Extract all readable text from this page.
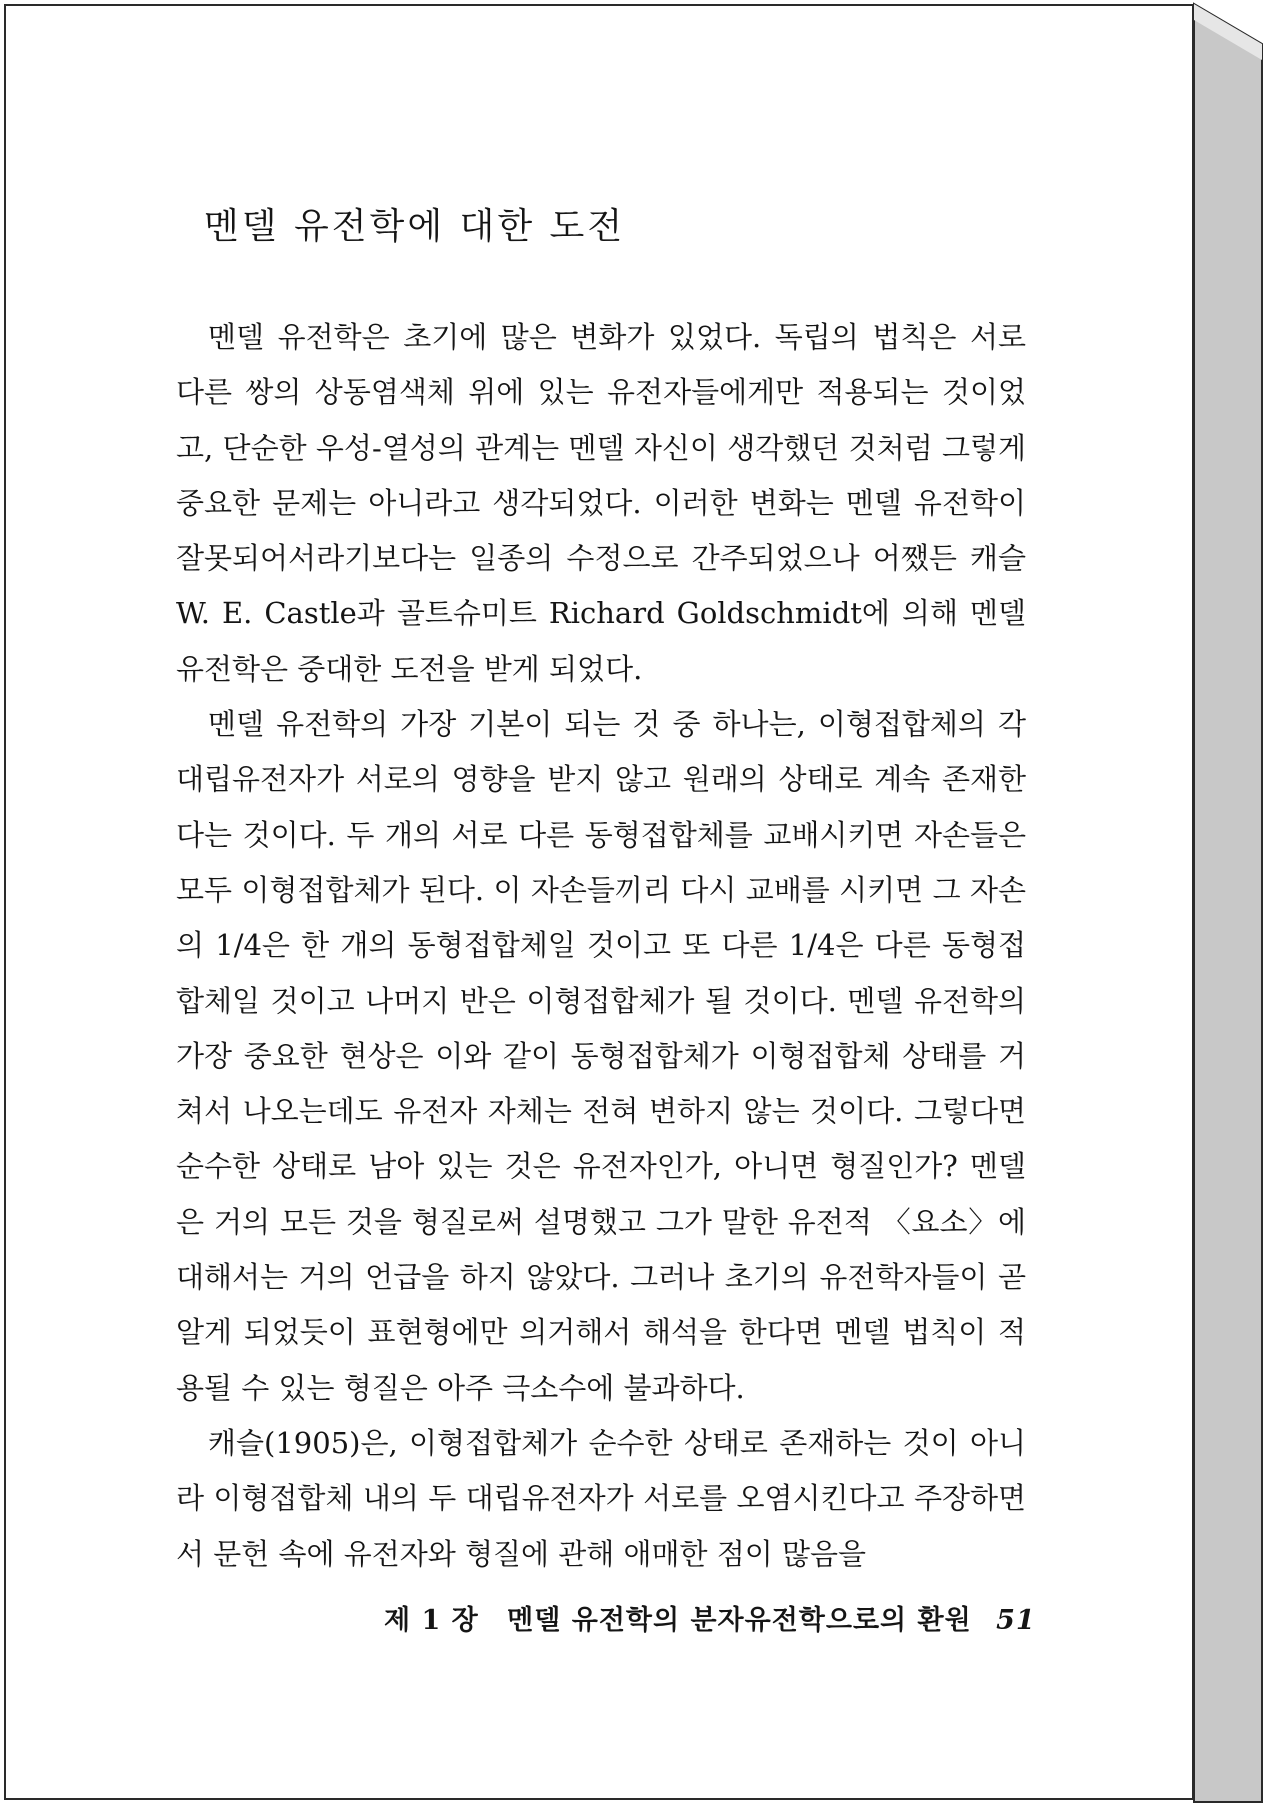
멘델 유전학에 대한 도전

멘델 유전학은 초기에 많은 변화가 있었다. 독립의 법칙은 서로 다른 쌍의 상동염색체 위에 있는 유전자들에게만 적용되는 것이었고, 단순한 우성-열성의 관계는 멘델 자신이 생각했던 것처럼 그렇게 중요한 문제는 아니라고 생각되었다. 이러한 변화는 멘델 유전학이 잘못되어서라기보다는 일종의 수정으로 간주되었으나 어쨌든 캐슬 W. E. Castle과 골트슈미트 Richard Goldschmidt에 의해 멘델 유전학은 중대한 도전을 받게 되었다.

멘델 유전학의 가장 기본이 되는 것 중 하나는, 이형접합체의 각 대립유전자가 서로의 영향을 받지 않고 원래의 상태로 계속 존재한다는 것이다. 두 개의 서로 다른 동형접합체를 교배시키면 자손들은 모두 이형접합체가 된다. 이 자손들끼리 다시 교배를 시키면 그 자손의 1/4은 한 개의 동형접합체일 것이고 또 다른 1/4은 다른 동형접합체일 것이고 나머지 반은 이형접합체가 될 것이다. 멘델 유전학의 가장 중요한 현상은 이와 같이 동형접합체가 이형접합체 상태를 거쳐서 나오는데도 유전자 자체는 전혀 변하지 않는 것이다. 그렇다면 순수한 상태로 남아 있는 것은 유전자인가, 아니면 형질인가? 멘델은 거의 모든 것을 형질로써 설명했고 그가 말한 유전적 〈요소〉에 대해서는 거의 언급을 하지 않았다. 그러나 초기의 유전학자들이 곧 알게 되었듯이 표현형에만 의거해서 해석을 한다면 멘델 법칙이 적용될 수 있는 형질은 아주 극소수에 불과하다.

캐슬(1905)은, 이형접합체가 순수한 상태로 존재하는 것이 아니라 이형접합체 내의 두 대립유전자가 서로를 오염시킨다고 주장하면서 문헌 속에 유전자와 형질에 관해 애매한 점이 많음을

제 1 장 멘델 유전학의 분자유전학으로의 환원 51
